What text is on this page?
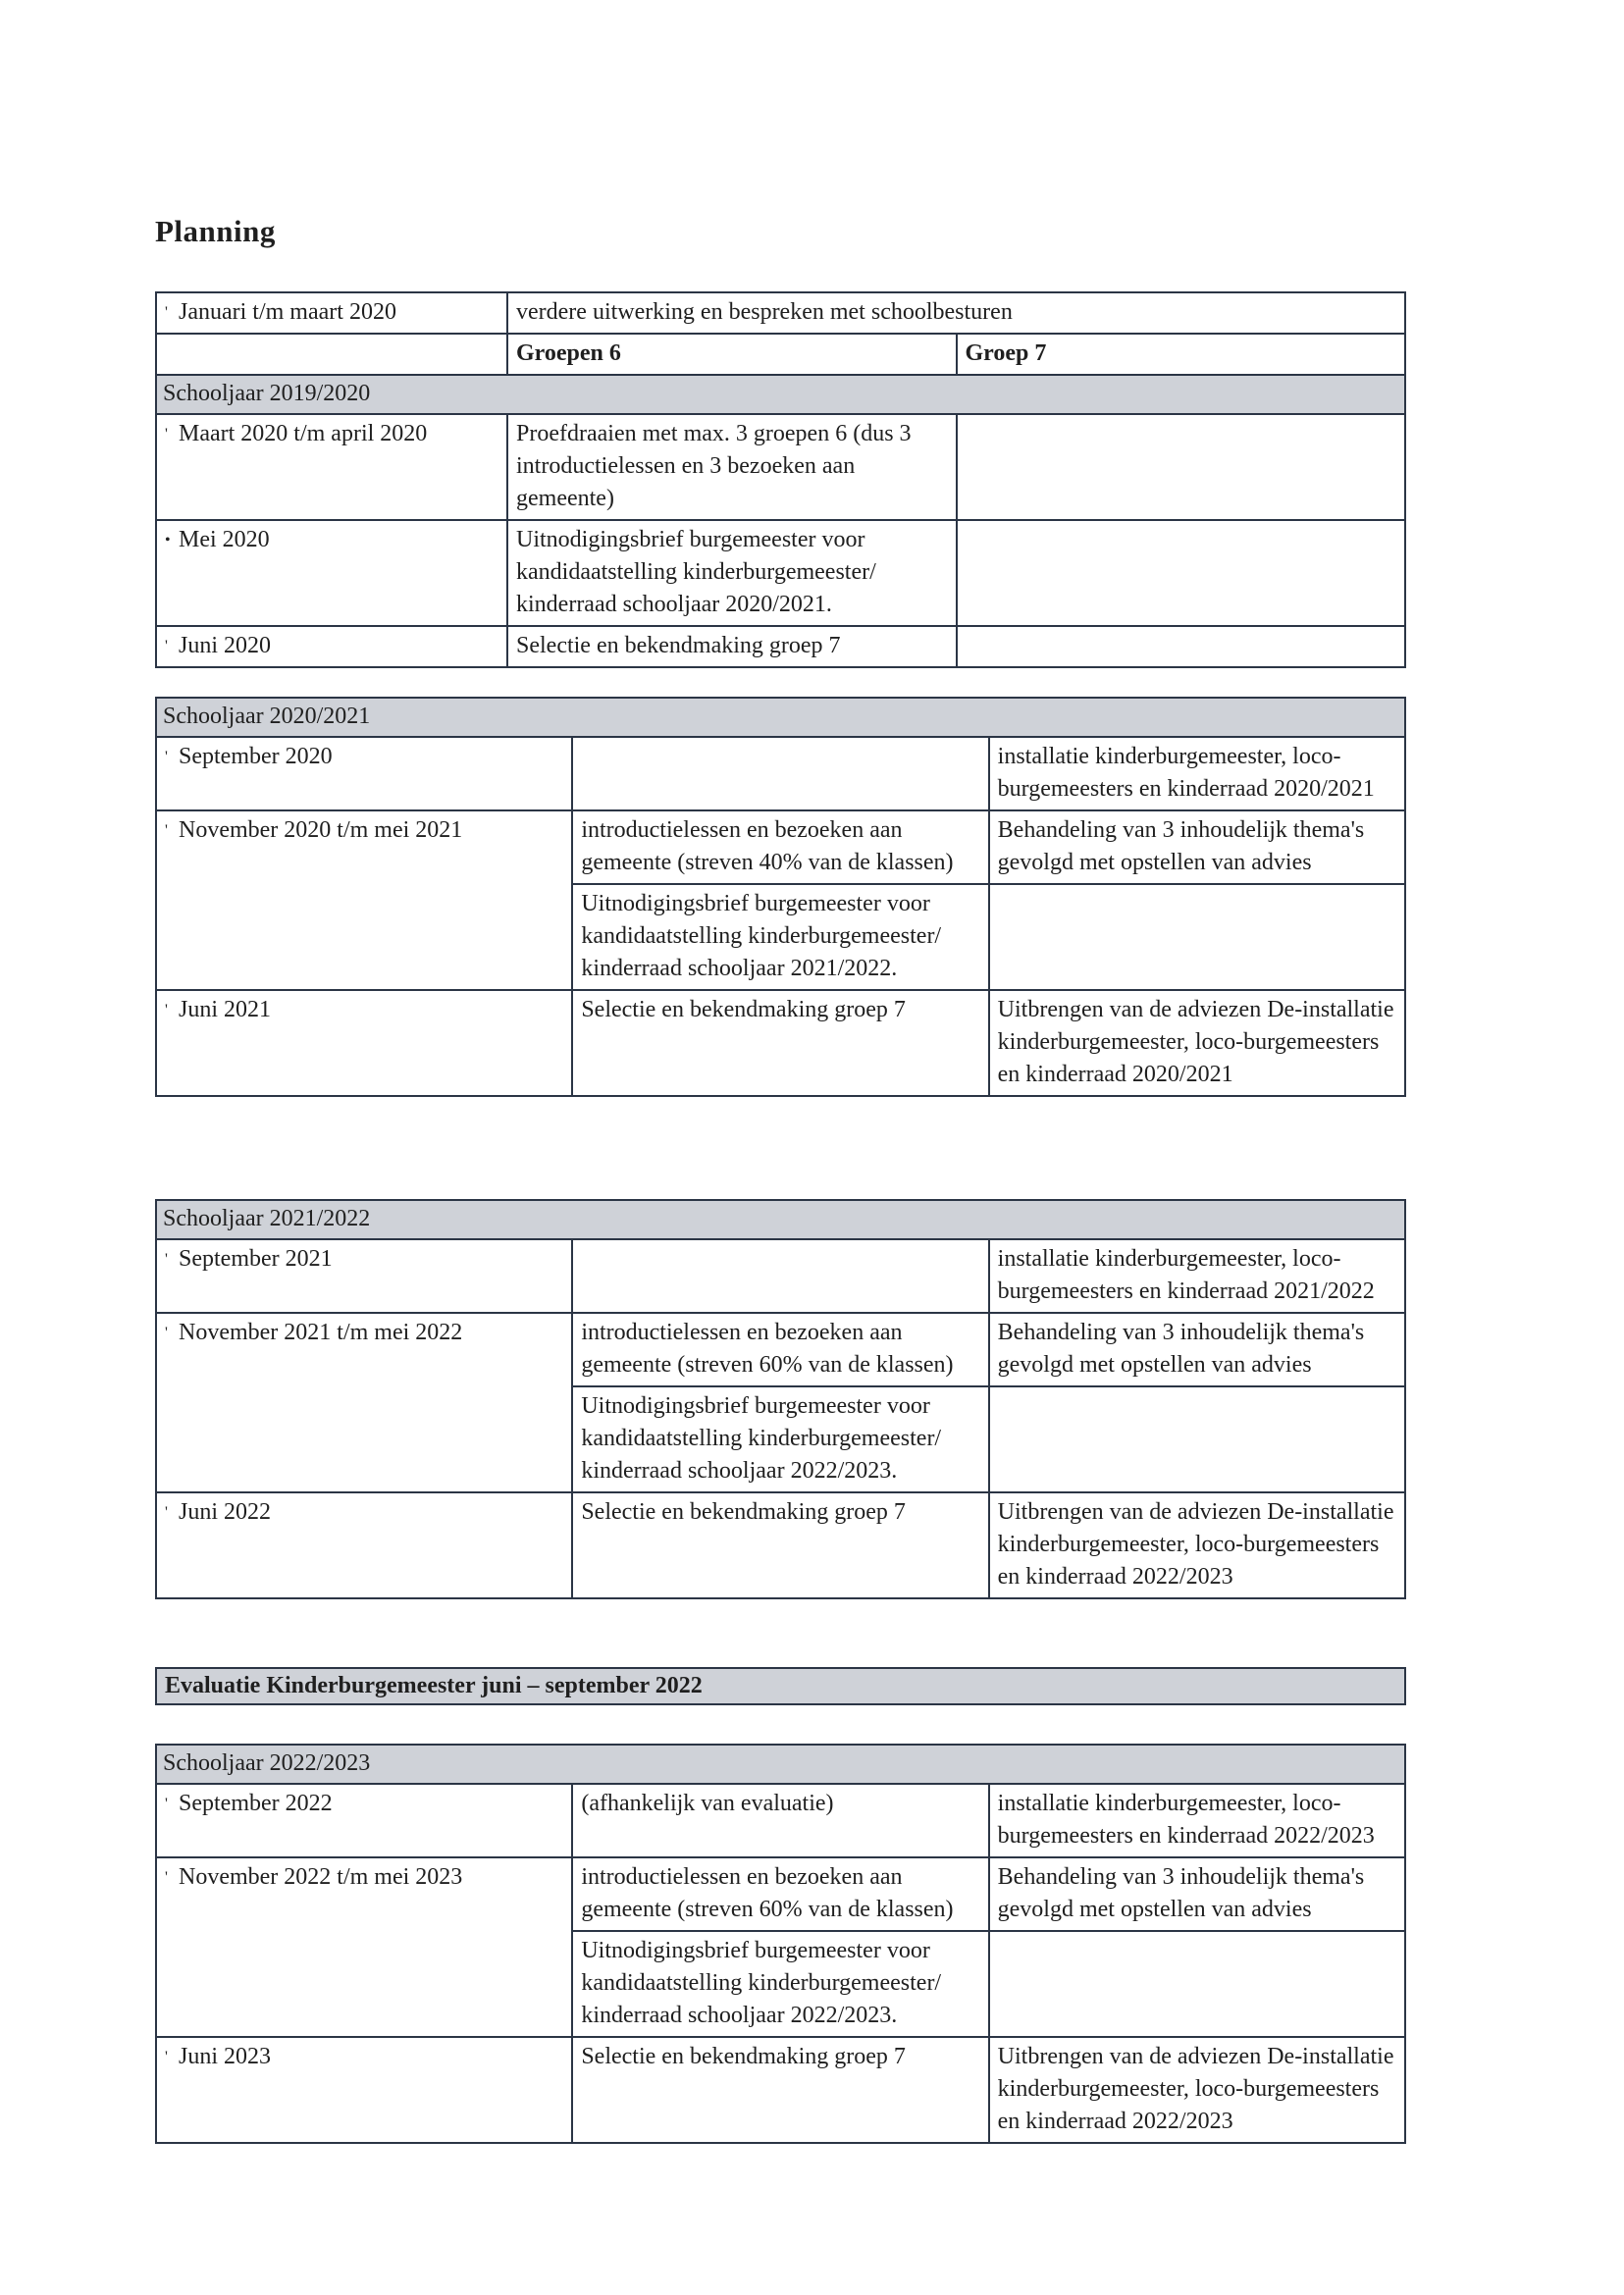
Planning
' Januari t/m maart 2020	verdere uitwerking en bespreken met schoolbesturen	
	Groepen 6	Groep 7
Schooljaar 2019/2020		
' Maart 2020 t/m april 2020	Proefdraaien met max. 3 groepen 6 (dus 3 introductielessen en 3 bezoeken aan gemeente)	
• Mei 2020	Uitnodigingsbrief burgemeester voor kandidaatstelling kinderburgemeester/ kinderraad schooljaar 2020/2021.	
' Juni 2020	Selectie en bekendmaking groep 7	
Schooljaar 2020/2021		
' September 2020		installatie kinderburgemeester, loco-burgemeesters en kinderraad 2020/2021
' November 2020 t/m mei 2021	introductielessen en bezoeken aan gemeente (streven 40% van de klassen)	Behandeling van 3 inhoudelijk thema's gevolgd met opstellen van advies
	Uitnodigingsbrief burgemeester voor kandidaatstelling kinderburgemeester/ kinderraad schooljaar 2021/2022.	
' Juni 2021	Selectie en bekendmaking groep 7	Uitbrengen van de adviezen De-installatie kinderburgemeester, loco-burgemeesters en kinderraad 2020/2021
Schooljaar 2021/2022		
' September 2021		installatie kinderburgemeester, loco-burgemeesters en kinderraad 2021/2022
' November 2021 t/m mei 2022	introductielessen en bezoeken aan gemeente (streven 60% van de klassen)	Behandeling van 3 inhoudelijk thema's gevolgd met opstellen van advies
	Uitnodigingsbrief burgemeester voor kandidaatstelling kinderburgemeester/ kinderraad schooljaar 2022/2023.	
' Juni 2022	Selectie en bekendmaking groep 7	Uitbrengen van de adviezen De-installatie kinderburgemeester, loco-burgemeesters en kinderraad 2022/2023
Evaluatie Kinderburgemeester juni – september 2022
Schooljaar 2022/2023		
' September 2022	(afhankelijk van evaluatie)	installatie kinderburgemeester, loco-burgemeesters en kinderraad 2022/2023
' November 2022 t/m mei 2023	introductielessen en bezoeken aan gemeente (streven 60% van de klassen)	Behandeling van 3 inhoudelijk thema's gevolgd met opstellen van advies
	Uitnodigingsbrief burgemeester voor kandidaatstelling kinderburgemeester/ kinderraad schooljaar 2022/2023.	
' Juni 2023	Selectie en bekendmaking groep 7	Uitbrengen van de adviezen De-installatie kinderburgemeester, loco-burgemeesters en kinderraad 2022/2023
